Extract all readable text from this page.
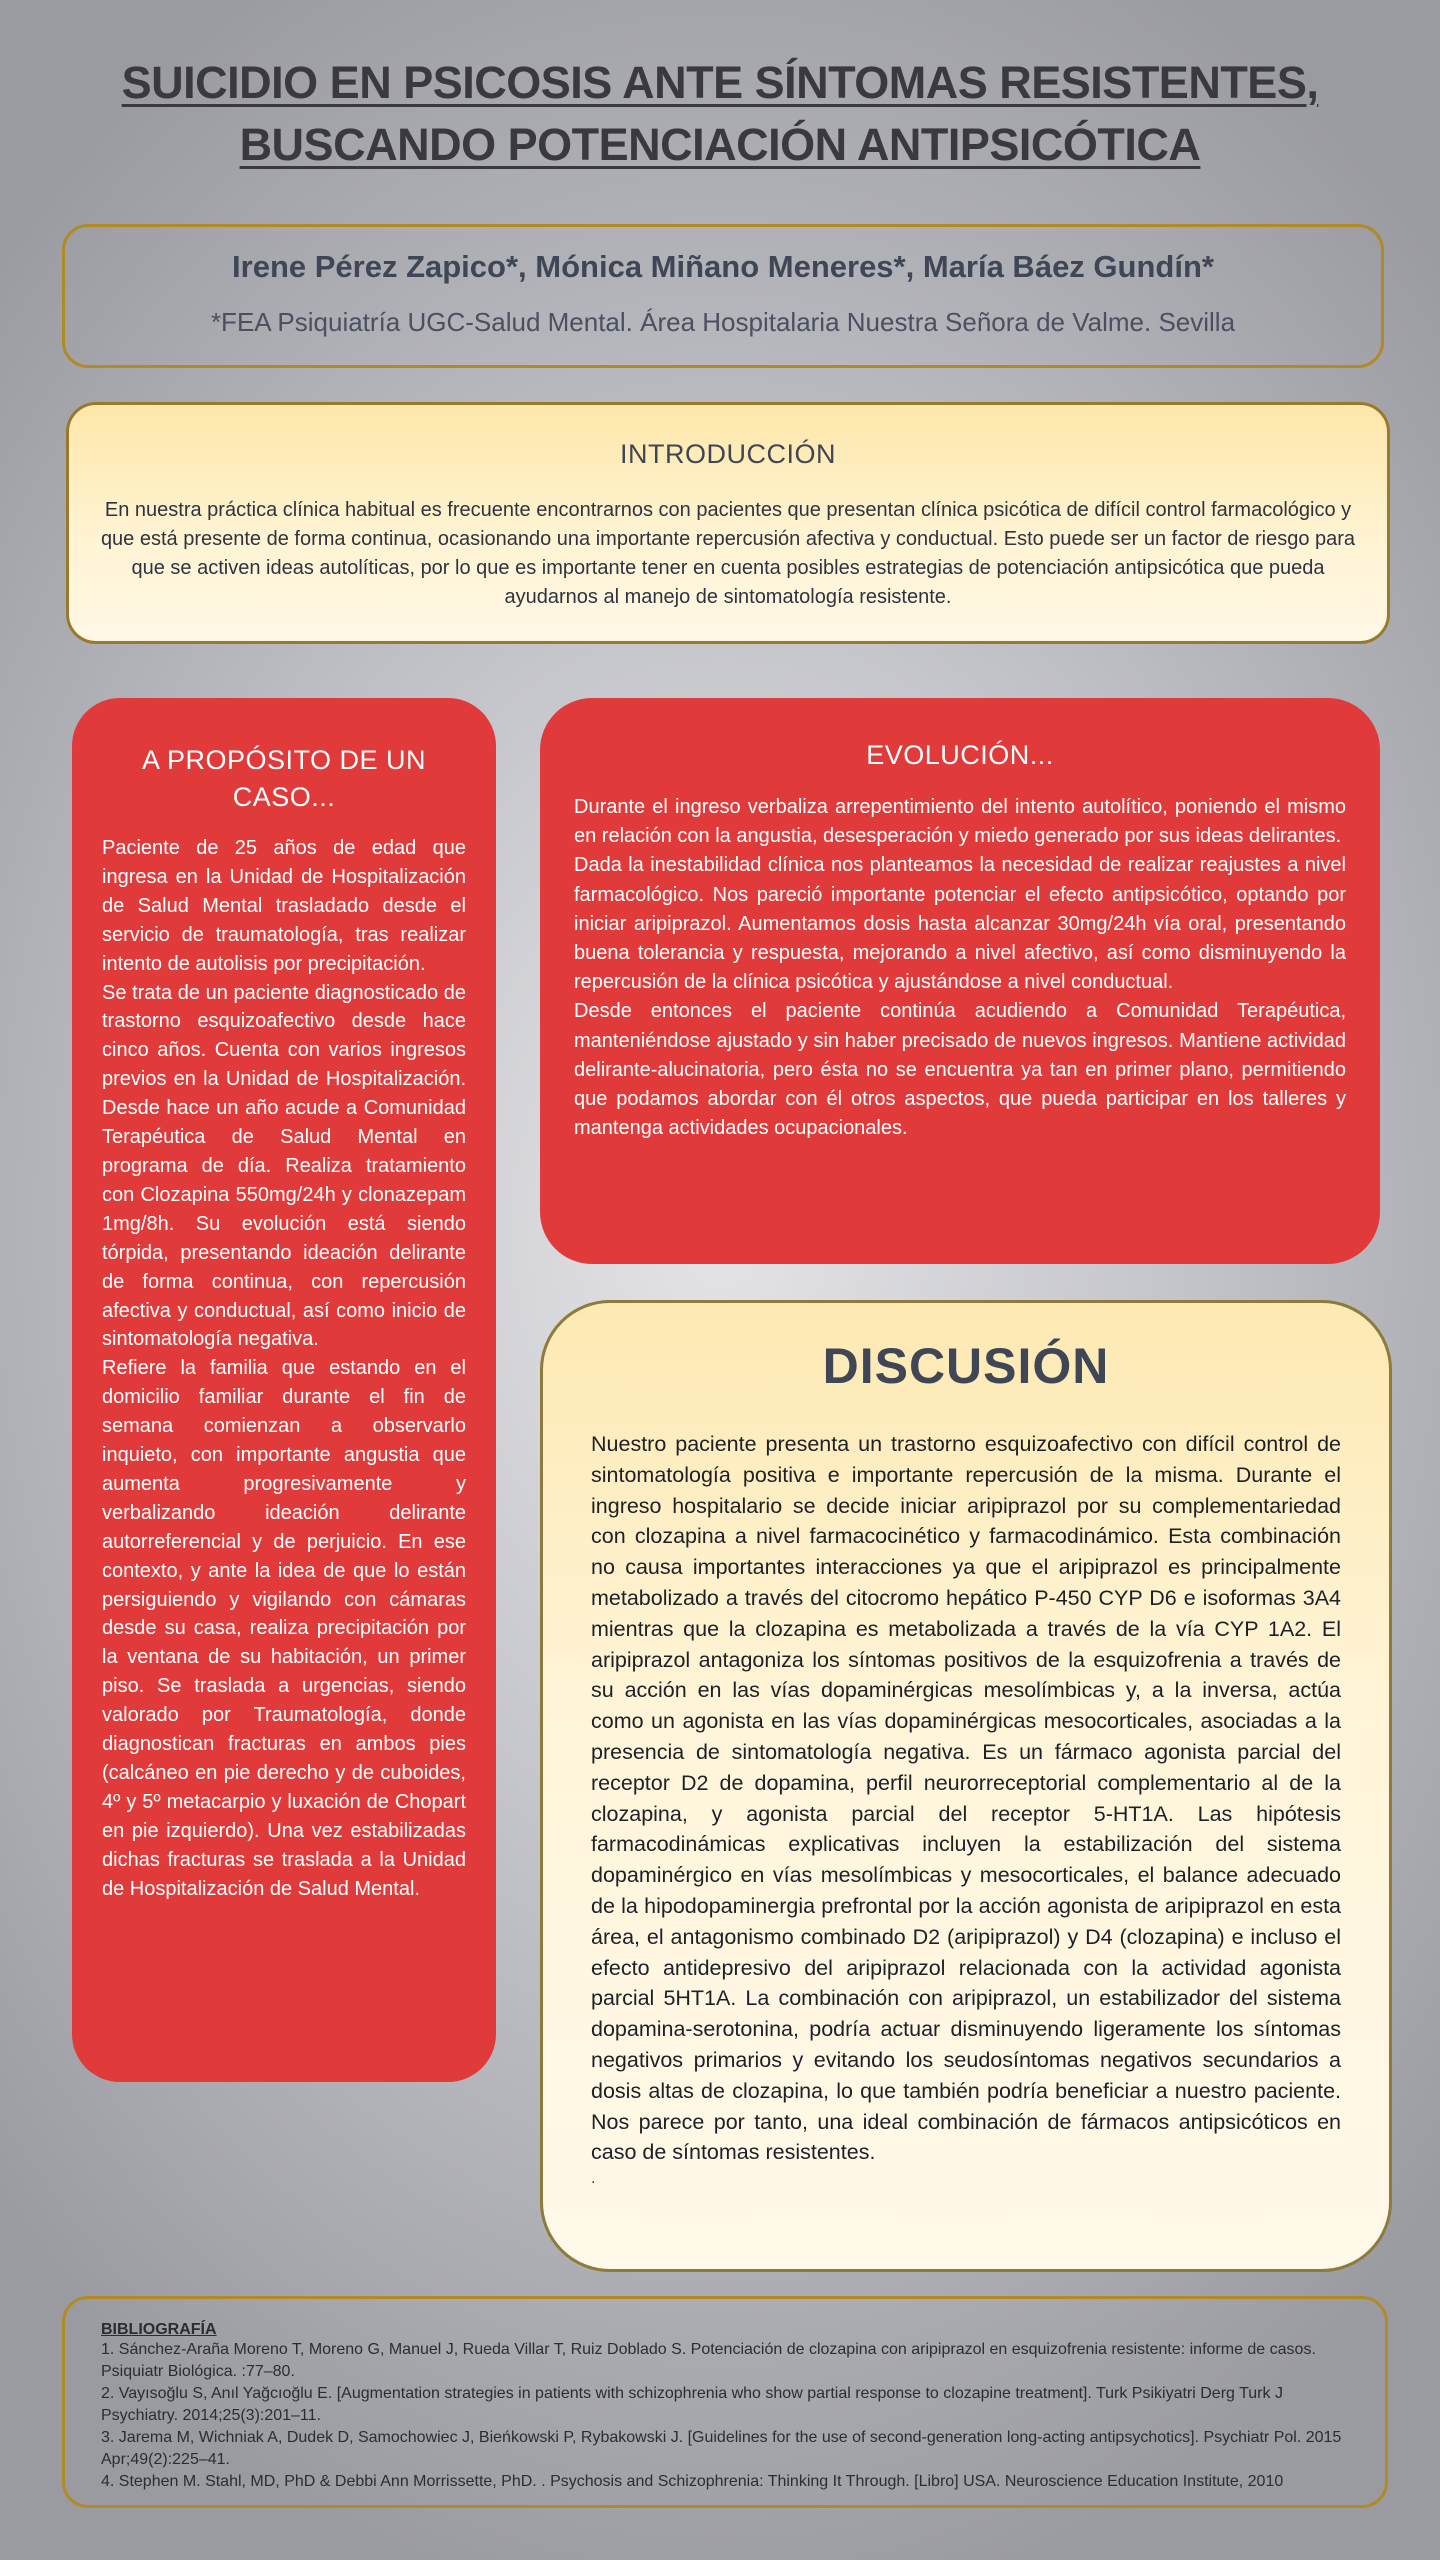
SUICIDIO EN PSICOSIS ANTE SÍNTOMAS RESISTENTES,
BUSCANDO POTENCIACIÓN ANTIPSICÓTICA
Irene Pérez Zapico*, Mónica Miñano Meneres*, María Báez Gundín*
*FEA Psiquiatría UGC-Salud Mental. Área Hospitalaria Nuestra Señora de Valme. Sevilla
INTRODUCCIÓN
En nuestra práctica clínica habitual es frecuente encontrarnos con pacientes que presentan clínica psicótica de difícil control farmacológico y que está presente de forma continua, ocasionando una importante repercusión afectiva y conductual. Esto puede ser un factor de riesgo para que se activen ideas autolíticas, por lo que es importante tener en cuenta posibles estrategias de potenciación antipsicótica que pueda ayudarnos al manejo de sintomatología resistente.
A PROPÓSITO DE UN CASO...

Paciente de 25 años de edad que ingresa en la Unidad de Hospitalización de Salud Mental trasladado desde el servicio de traumatología, tras realizar intento de autolisis por precipitación.

Se trata de un paciente diagnosticado de trastorno esquizoafectivo desde hace cinco años. Cuenta con varios ingresos previos en la Unidad de Hospitalización. Desde hace un año acude a Comunidad Terapéutica de Salud Mental en programa de día. Realiza tratamiento con Clozapina 550mg/24h y clonazepam 1mg/8h. Su evolución está siendo tórpida, presentando ideación delirante de forma continua, con repercusión afectiva y conductual, así como inicio de sintomatología negativa.

Refiere la familia que estando en el domicilio familiar durante el fin de semana comienzan a observarlo inquieto, con importante angustia que aumenta progresivamente y verbalizando ideación delirante autorreferencial y de perjuicio. En ese contexto, y ante la idea de que lo están persiguiendo y vigilando con cámaras desde su casa, realiza precipitación por la ventana de su habitación, un primer piso. Se traslada a urgencias, siendo valorado por Traumatología, donde diagnostican fracturas en ambos pies (calcáneo en pie derecho y de cuboides, 4º y 5º metacarpio y luxación de Chopart en pie izquierdo). Una vez estabilizadas dichas fracturas se traslada a la Unidad de Hospitalización de Salud Mental.

EVOLUCIÓN...

Durante el ingreso verbaliza arrepentimiento del intento autolítico, poniendo el mismo en relación con la angustia, desesperación y miedo generado por sus ideas delirantes.

Dada la inestabilidad clínica nos planteamos la necesidad de realizar reajustes a nivel farmacológico. Nos pareció importante potenciar el efecto antipsicótico, optando por iniciar aripiprazol. Aumentamos dosis hasta alcanzar 30mg/24h vía oral, presentando buena tolerancia y respuesta, mejorando a nivel afectivo, así como disminuyendo la repercusión de la clínica psicótica y ajustándose a nivel conductual.

Desde entonces el paciente continúa acudiendo a Comunidad Terapéutica, manteniéndose ajustado y sin haber precisado de nuevos ingresos. Mantiene actividad delirante-alucinatoria, pero ésta no se encuentra ya tan en primer plano, permitiendo que podamos abordar con él otros aspectos, que pueda participar en los talleres y mantenga actividades ocupacionales.

DISCUSIÓN
Nuestro paciente presenta un trastorno esquizoafectivo con difícil control de sintomatología positiva e importante repercusión de la misma. Durante el ingreso hospitalario se decide iniciar aripiprazol por su complementariedad con clozapina a nivel farmacocinético y farmacodinámico. Esta combinación no causa importantes interacciones ya que el aripiprazol es principalmente metabolizado a través del citocromo hepático P-450 CYP D6 e isoformas 3A4 mientras que la clozapina es metabolizada a través de la vía CYP 1A2. El aripiprazol antagoniza los síntomas positivos de la esquizofrenia a través de su acción en las vías dopaminérgicas mesolímbicas y, a la inversa, actúa como un agonista en las vías dopaminérgicas mesocorticales, asociadas a la presencia de sintomatología negativa. Es un fármaco agonista parcial del receptor D2 de dopamina, perfil neurorreceptorial complementario al de la clozapina, y agonista parcial del receptor 5-HT1A. Las hipótesis farmacodinámicas explicativas incluyen la estabilización del sistema dopaminérgico en vías mesolímbicas y mesocorticales, el balance adecuado de la hipodopaminergia prefrontal por la acción agonista de aripiprazol en esta área, el antagonismo combinado D2 (aripiprazol) y D4 (clozapina) e incluso el efecto antidepresivo del aripiprazol relacionada con la actividad agonista parcial 5HT1A. La combinación con aripiprazol, un estabilizador del sistema dopamina-serotonina, podría actuar disminuyendo ligeramente los síntomas negativos primarios y evitando los seudosíntomas negativos secundarios a dosis altas de clozapina, lo que también podría beneficiar a nuestro paciente. Nos parece por tanto, una ideal combinación de fármacos antipsicóticos en caso de síntomas resistentes.
.
BIBLIOGRAFÍA
1. Sánchez-Araña Moreno T, Moreno G, Manuel J, Rueda Villar T, Ruiz Doblado S. Potenciación de clozapina con aripiprazol en esquizofrenia resistente: informe de casos. Psiquiatr Biológica. :77–80.
2. Vayısoğlu S, Anıl Yağcıoğlu E. [Augmentation strategies in patients with schizophrenia who show partial response to clozapine treatment]. Turk Psikiyatri Derg Turk J Psychiatry. 2014;25(3):201–11.
3. Jarema M, Wichniak A, Dudek D, Samochowiec J, Bieńkowski P, Rybakowski J. [Guidelines for the use of second-generation long-acting antipsychotics]. Psychiatr Pol. 2015 Apr;49(2):225–41.
4. Stephen M. Stahl, MD, PhD & Debbi Ann Morrissette, PhD. . Psychosis and Schizophrenia: Thinking It Through. [Libro] USA. Neuroscience Education Institute, 2010
